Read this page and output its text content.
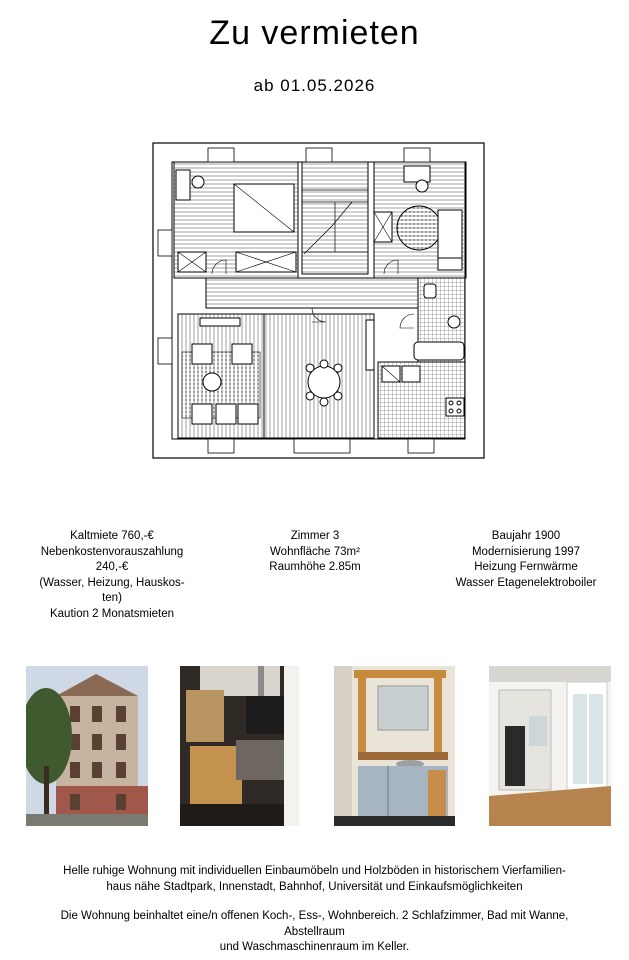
Zu vermieten
ab 01.05.2026
Kaltmiete 760,-€
Nebenkostenvorauszahlung
240,-€
(Wasser, Heizung, Hauskos-
ten)
Kaution 2 Monatsmieten
Zimmer 3
Wohnfläche 73m²
Raumhöhe 2.85m
Baujahr 1900
Modernisierung 1997
Heizung Fernwärme
Wasser Etagenelektroboiler
Helle ruhige Wohnung mit individuellen Einbaumöbeln und Holzböden in historischem Vierfamilien-
haus nähe Stadtpark, Innenstadt, Bahnhof, Universität und Einkaufsmöglichkeiten
Die Wohnung beinhaltet eine/n offenen Koch-, Ess-, Wohnbereich. 2 Schlafzimmer, Bad mit Wanne,
Abstellraum
und Waschmaschinenraum im Keller.
